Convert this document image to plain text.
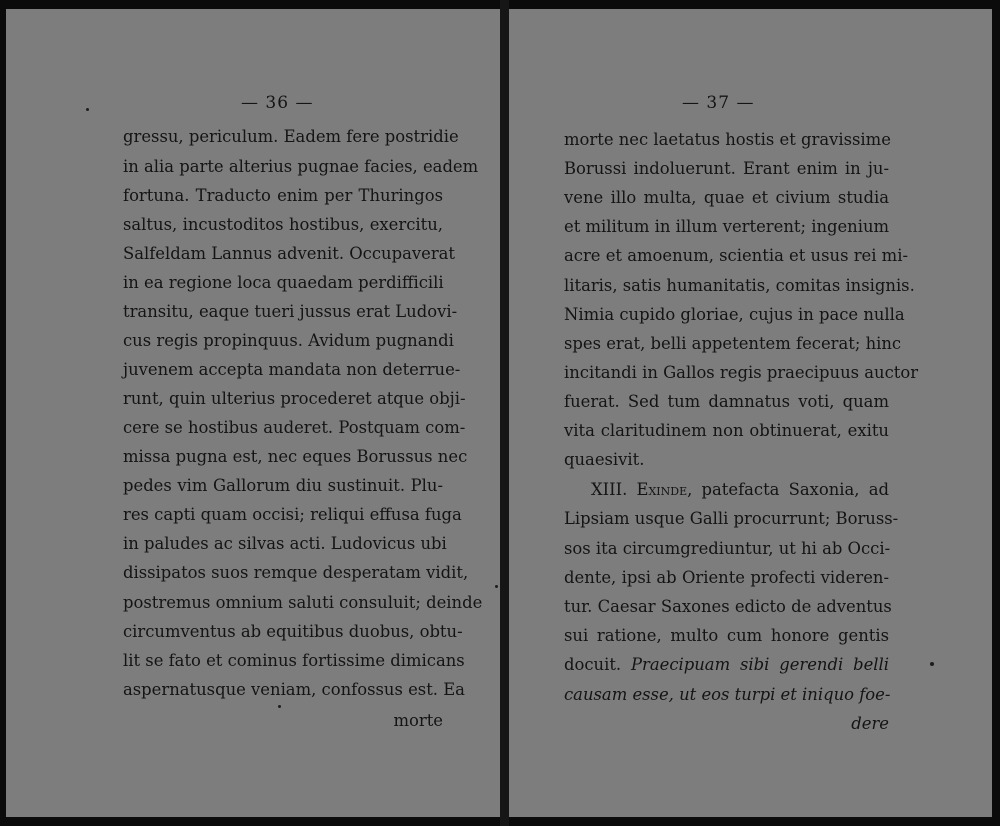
— 36 —

gressu, periculum. Eadem fere postridie

in alia parte alterius pugnae facies, eadem

fortuna. Traducto enim per Thuringos

saltus, incustoditos hostibus, exercitu,

Salfeldam Lannus advenit. Occupaverat

in ea regione loca quaedam perdifficili

transitu, eaque tueri jussus erat Ludovi-

cus regis propinquus. Avidum pugnandi

juvenem accepta mandata non deterrue-

runt, quin ulterius procederet atque obji-

cere se hostibus auderet. Postquam com-

missa pugna est, nec eques Borussus nec

pedes vim Gallorum diu sustinuit. Plu-

res capti quam occisi; reliqui effusa fuga

in paludes ac silvas acti. Ludovicus ubi

dissipatos suos remque desperatam vidit,

postremus omnium saluti consuluit; deinde

circumventus ab equitibus duobus, obtu-

lit se fato et cominus fortissime dimicans

aspernatusque veniam, confossus est. Ea

morte

— 37 —

morte nec laetatus hostis et gravissime

Borussi indoluerunt. Erant enim in ju-

vene illo multa, quae et civium studia

et militum in illum verterent; ingenium

acre et amoenum, scientia et usus rei mi-

litaris, satis humanitatis, comitas insignis.

Nimia cupido gloriae, cujus in pace nulla

spes erat, belli appetentem fecerat; hinc

incitandi in Gallos regis praecipuus auctor

fuerat. Sed tum damnatus voti, quam

vita claritudinem non obtinuerat, exitu

quaesivit.

XIII. Exinde, patefacta Saxonia, ad

Lipsiam usque Galli procurrunt; Boruss-

sos ita circumgrediuntur, ut hi ab Occi-

dente, ipsi ab Oriente profecti videren-

tur. Caesar Saxones edicto de adventus

sui ratione, multo cum honore gentis

docuit. Praecipuam sibi gerendi belli

causam esse, ut eos turpi et iniquo foe-

dere
